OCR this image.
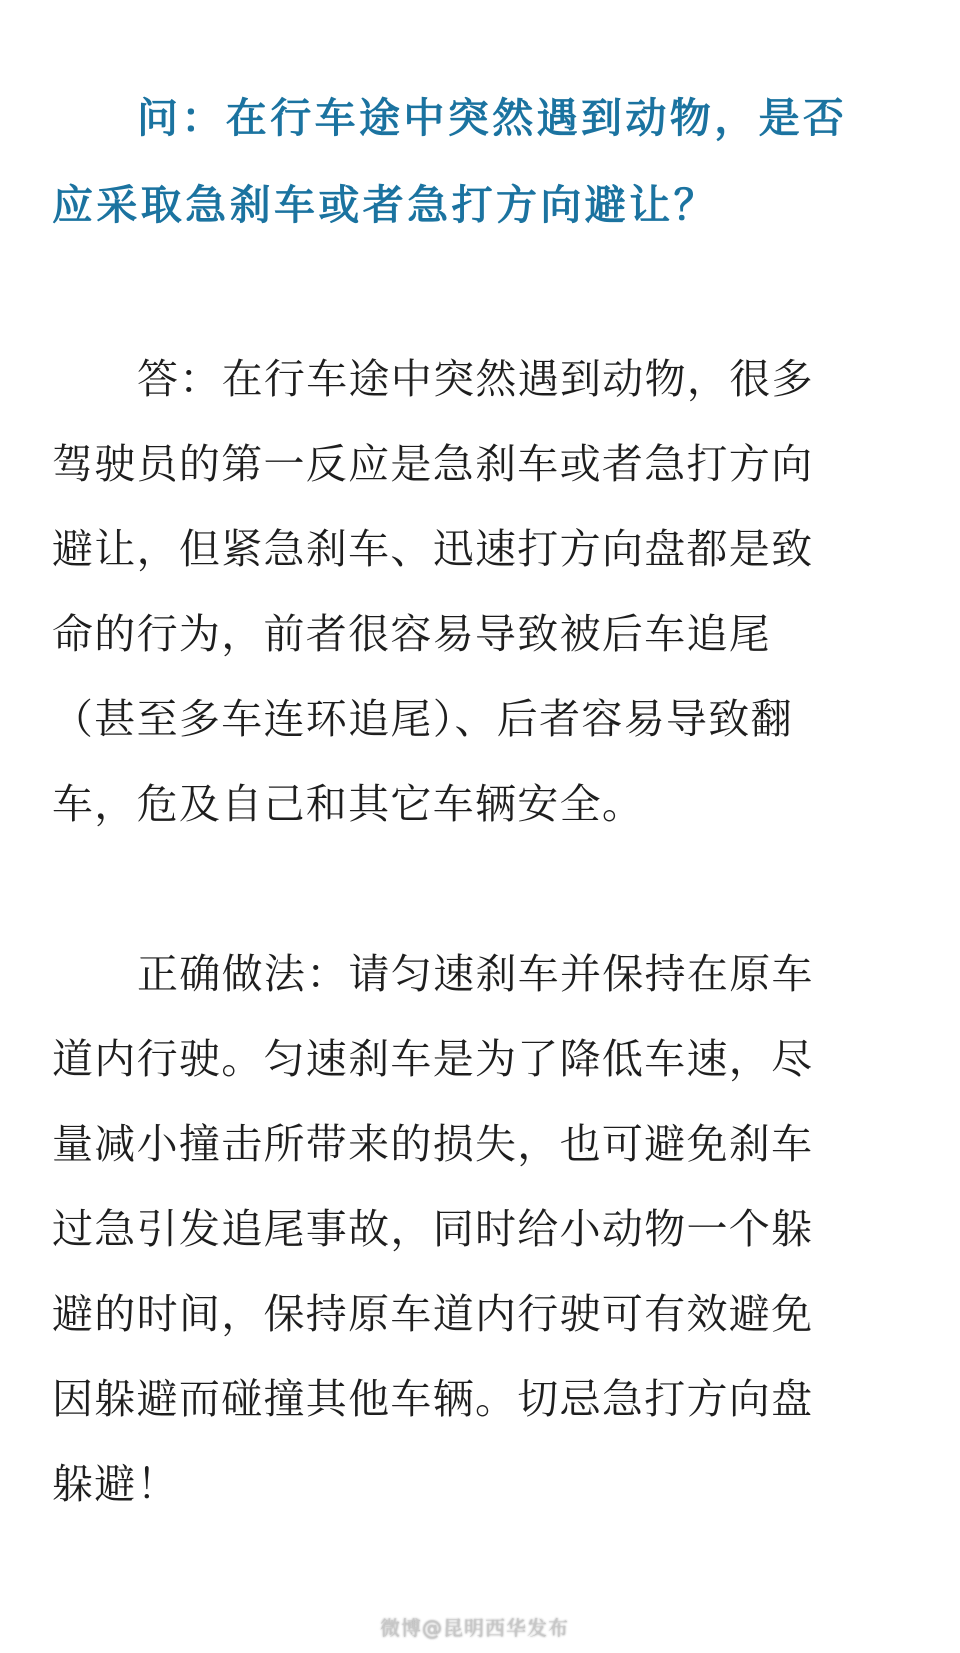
问：在行车途中突然遇到动物，是否
应采取急刹车或者急打方向避让？
答：在行车途中突然遇到动物，很多
驾驶员的第一反应是急刹车或者急打方向
避让，但紧急刹车、迅速打方向盘都是致
命的行为，前者很容易导致被后车追尾
（甚至多车连环追尾）、后者容易导致翻
车，危及自己和其它车辆安全。
正确做法：请匀速刹车并保持在原车
道内行驶。匀速刹车是为了降低车速，尽
量减小撞击所带来的损失，也可避免刹车
过急引发追尾事故，同时给小动物一个躲
避的时间，保持原车道内行驶可有效避免
因躲避而碰撞其他车辆。切忌急打方向盘
躲避！
微博@昆明西华发布
